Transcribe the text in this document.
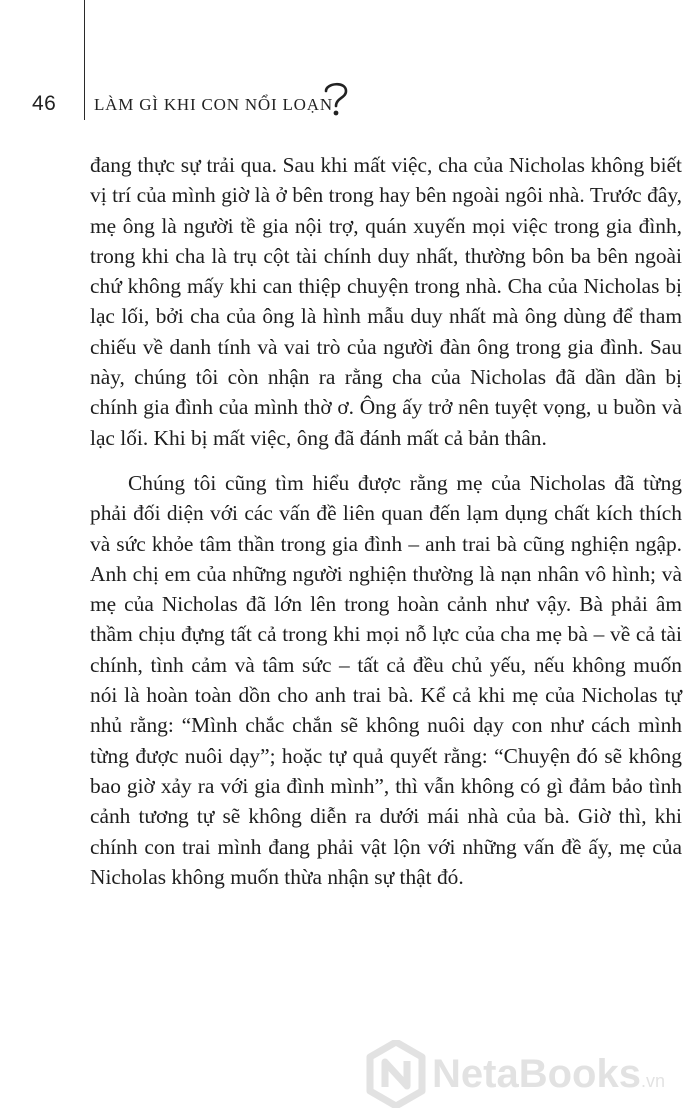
46 LÀM GÌ KHI CON NỔI LOẠN

đang thực sự trải qua. Sau khi mất việc, cha của Nicholas không biết vị trí của mình giờ là ở bên trong hay bên ngoài ngôi nhà. Trước đây, mẹ ông là người tề gia nội trợ, quán xuyến mọi việc trong gia đình, trong khi cha là trụ cột tài chính duy nhất, thường bôn ba bên ngoài chứ không mấy khi can thiệp chuyện trong nhà. Cha của Nicholas bị lạc lối, bởi cha của ông là hình mẫu duy nhất mà ông dùng để tham chiếu về danh tính và vai trò của người đàn ông trong gia đình. Sau này, chúng tôi còn nhận ra rằng cha của Nicholas đã dần dần bị chính gia đình của mình thờ ơ. Ông ấy trở nên tuyệt vọng, u buồn và lạc lối. Khi bị mất việc, ông đã đánh mất cả bản thân.

Chúng tôi cũng tìm hiểu được rằng mẹ của Nicholas đã từng phải đối diện với các vấn đề liên quan đến lạm dụng chất kích thích và sức khỏe tâm thần trong gia đình – anh trai bà cũng nghiện ngập. Anh chị em của những người nghiện thường là nạn nhân vô hình; và mẹ của Nicholas đã lớn lên trong hoàn cảnh như vậy. Bà phải âm thầm chịu đựng tất cả trong khi mọi nỗ lực của cha mẹ bà – về cả tài chính, tình cảm và tâm sức – tất cả đều chủ yếu, nếu không muốn nói là hoàn toàn dồn cho anh trai bà. Kể cả khi mẹ của Nicholas tự nhủ rằng: “Mình chắc chắn sẽ không nuôi dạy con như cách mình từng được nuôi dạy”; hoặc tự quả quyết rằng: “Chuyện đó sẽ không bao giờ xảy ra với gia đình mình”, thì vẫn không có gì đảm bảo tình cảnh tương tự sẽ không diễn ra dưới mái nhà của bà. Giờ thì, khi chính con trai mình đang phải vật lộn với những vấn đề ấy, mẹ của Nicholas không muốn thừa nhận sự thật đó.

NetaBooks.vn
